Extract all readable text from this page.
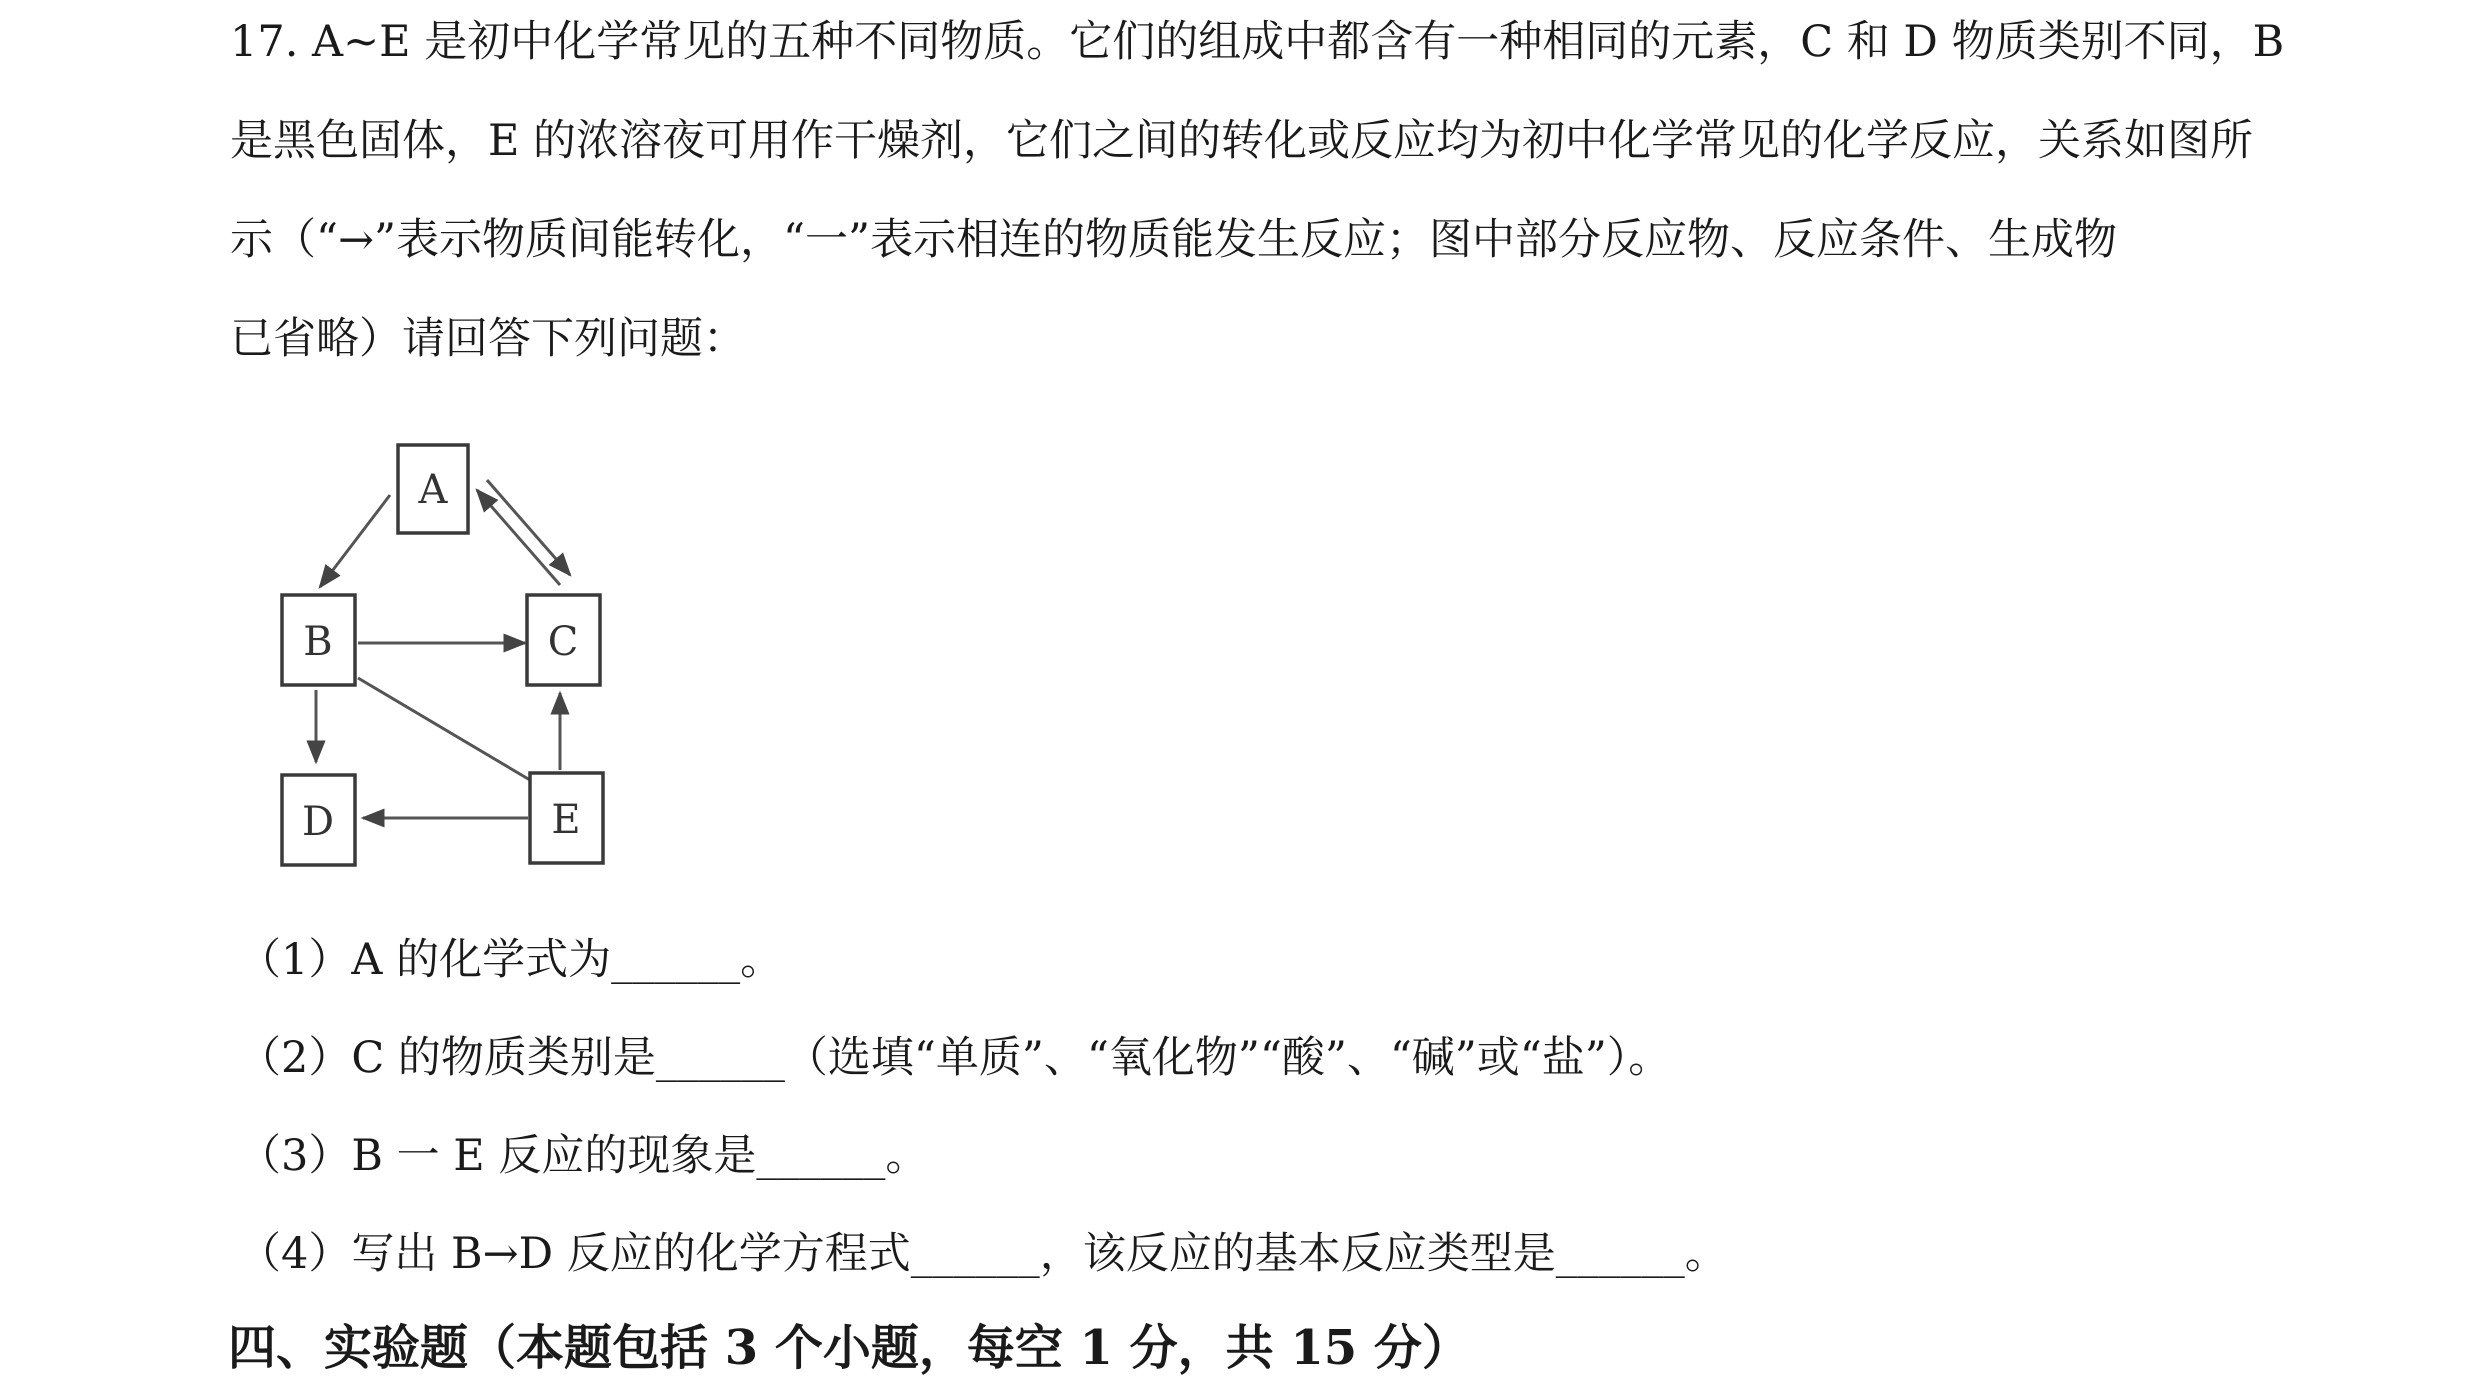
17. A~E 是初中化学常见的五种不同物质。它们的组成中都含有一种相同的元素，C 和 D 物质类别不同，B
是黑色固体，E 的浓溶夜可用作干燥剂，它们之间的转化或反应均为初中化学常见的化学反应，关系如图所
示（“→”表示物质间能转化，“一”表示相连的物质能发生反应；图中部分反应物、反应条件、生成物
已省略）请回答下列问题：
A
B	C
D	E
（1）A 的化学式为______。
（2）C 的物质类别是______（选填“单质”、“氧化物”“酸”、“碱”或“盐”）。
（3）B 一 E 反应的现象是______。
（4）写出 B→D 反应的化学方程式______，该反应的基本反应类型是______。
四、实验题（本题包括 3 个小题，每空 1 分，共 15 分）
